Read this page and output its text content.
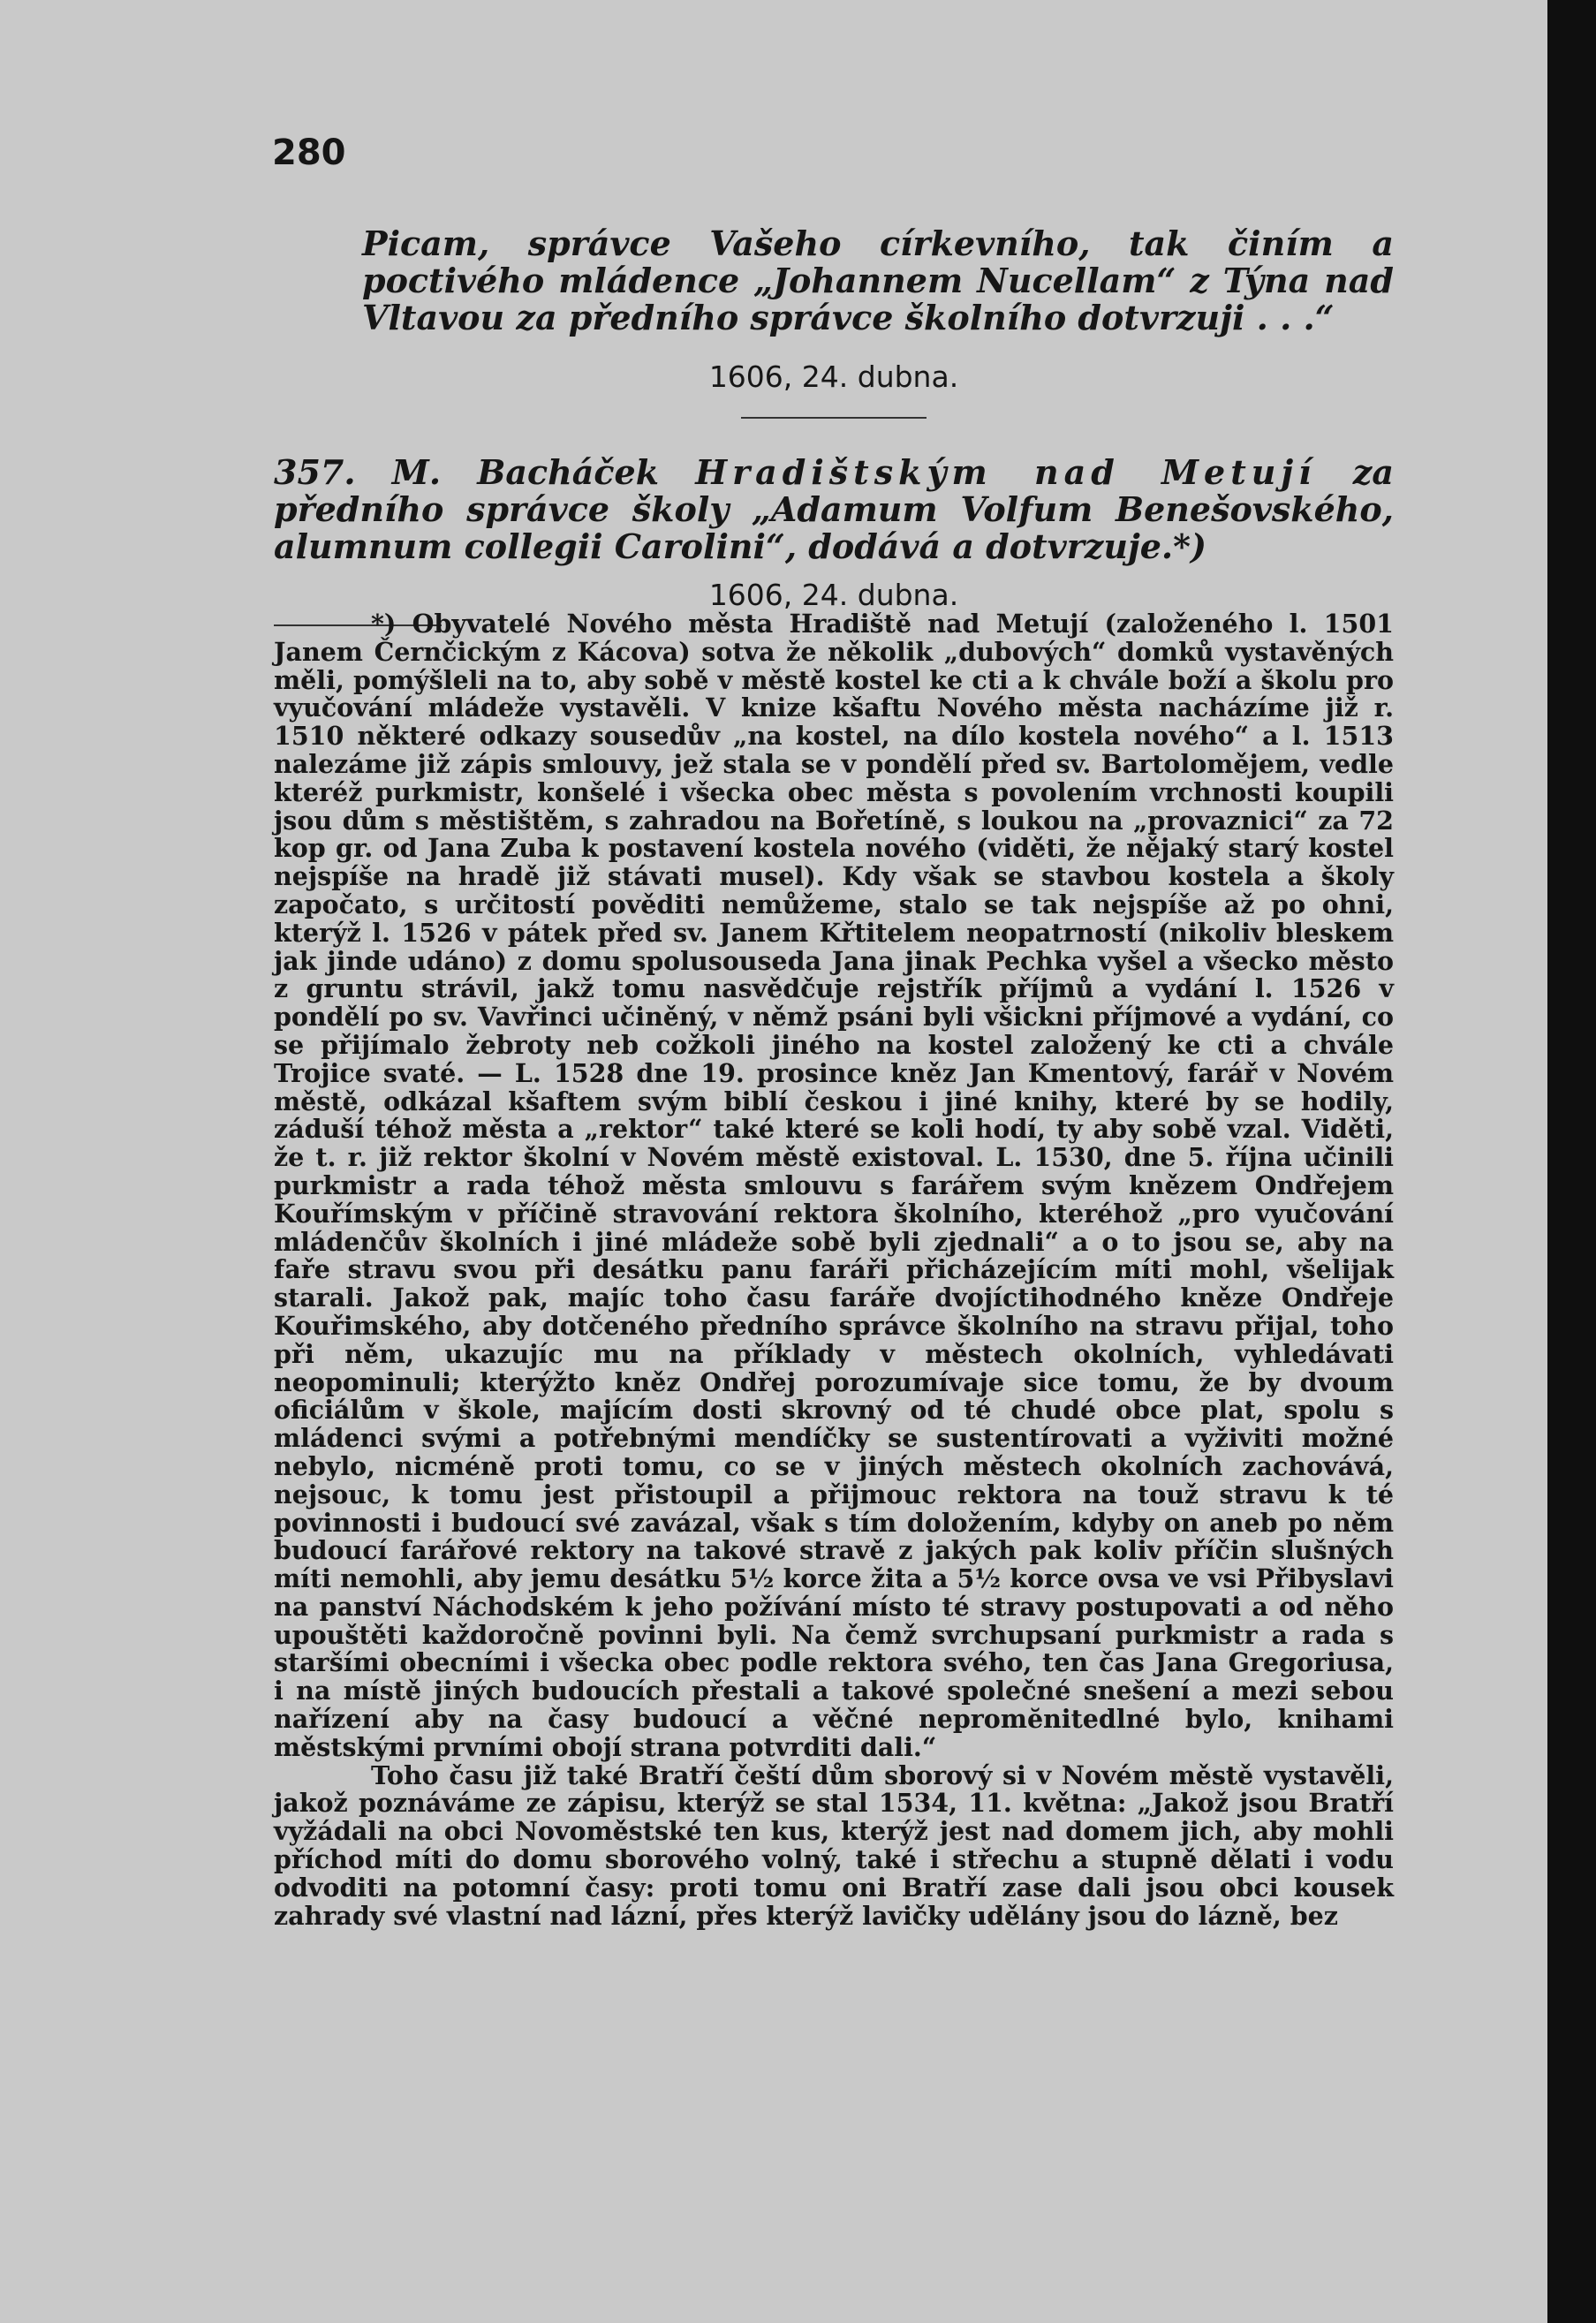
280

Picam, správce Vašeho církevního, tak činím a poctivého mládence „Johannem Nucellam“ z Týna nad Vltavou za předního správce školního dotvrzuji . . .“

1606, 24. dubna.

357. M. Bacháček Hradištským nad Metují za předního správce školy „Adamum Volfum Benešovského, alumnum collegii Carolini“, dodává a dotvrzuje.*)

1606, 24. dubna.

*) Obyvatelé Nového města Hradiště nad Metují (založeného l. 1501 Janem Černčickým z Kácova) sotva že několik „dubových“ domků vystavěných měli, pomýšleli na to, aby sobě v městě kostel ke cti a k chvále boží a školu pro vyučování mládeže vystavěli. V knize kšaftu Nového města nacházíme již r. 1510 některé odkazy sousedův „na kostel, na dílo kostela nového“ a l. 1513 nalezáme již zápis smlouvy, jež stala se v pondělí před sv. Bartolomějem, vedle kteréž purkmistr, konšelé i všecka obec města s povolením vrchnosti koupili jsou dům s městištěm, s zahradou na Bořetíně, s loukou na „provaznici“ za 72 kop gr. od Jana Zuba k postavení kostela nového (viděti, že nějaký starý kostel nejspíše na hradě již stávati musel). Kdy však se stavbou kostela a školy započato, s určitostí pověditi nemůžeme, stalo se tak nejspíše až po ohni, kterýž l. 1526 v pátek před sv. Janem Křtitelem neopatrností (nikoliv bleskem jak jinde udáno) z domu spolusouseda Jana jinak Pechka vyšel a všecko město z gruntu strávil, jakž tomu nasvědčuje rejstřík příjmů a vydání l. 1526 v pondělí po sv. Vavřinci učiněný, v němž psáni byli všickni příjmové a vydání, co se přijímalo žebroty neb cožkoli jiného na kostel založený ke cti a chvále Trojice svaté. — L. 1528 dne 19. prosince kněz Jan Kmentový, farář v Novém městě, odkázal kšaftem svým biblí českou i jiné knihy, které by se hodily, záduší téhož města a „rektor“ také které se koli hodí, ty aby sobě vzal. Viděti, že t. r. již rektor školní v Novém městě existoval. L. 1530, dne 5. října učinili purkmistr a rada téhož města smlouvu s farářem svým knězem Ondřejem Kouřímským v příčině stravování rektora školního, kteréhož „pro vyučování mládenčův školních i jiné mládeže sobě byli zjednali“ a o to jsou se, aby na faře stravu svou při desátku panu faráři přicházejícím míti mohl, všelijak starali. Jakož pak, majíc toho času faráře dvojíctihodného kněze Ondřeje Kouřimského, aby dotčeného předního správce školního na stravu přijal, toho při něm, ukazujíc mu na příklady v městech okolních, vyhledávati neopominuli; kterýžto kněz Ondřej porozumívaje sice tomu, že by dvoum oficiálům v škole, majícím dosti skrovný od té chudé obce plat, spolu s mládenci svými a potřebnými mendíčky se sustentírovati a vyživiti možné nebylo, nicméně proti tomu, co se v jiných městech okolních zachovává, nejsouc, k tomu jest přistoupil a přijmouc rektora na touž stravu k té povinnosti i budoucí své zavázal, však s tím doložením, kdyby on aneb po něm budoucí farářové rektory na takové stravě z jakých pak koliv příčin slušných míti nemohli, aby jemu desátku 5½ korce žita a 5½ korce ovsa ve vsi Přibyslavi na panství Náchodském k jeho požívání místo té stravy postupovati a od něho upouštěti každoročně povinni byli. Na čemž svrchupsaní purkmistr a rada s staršími obecními i všecka obec podle rektora svého, ten čas Jana Gregoriusa, i na místě jiných budoucích přestali a takové společné snešení a mezi sebou nařízení aby na časy budoucí a věčné nepromĕnitedlné bylo, knihami městskými prvními obojí strana potvrditi dali.“

Toho času již také Bratří čeští dům sborový si v Novém městě vystavěli, jakož poznáváme ze zápisu, kterýž se stal 1534, 11. května: „Jakož jsou Bratří vyžádali na obci Novoměstské ten kus, kterýž jest nad domem jich, aby mohli příchod míti do domu sborového volný, také i střechu a stupně dělati i vodu odvoditi na potomní časy: proti tomu oni Bratří zase dali jsou obci kousek zahrady své vlastní nad lázní, přes kterýž lavičky udělány jsou do lázně, bez
